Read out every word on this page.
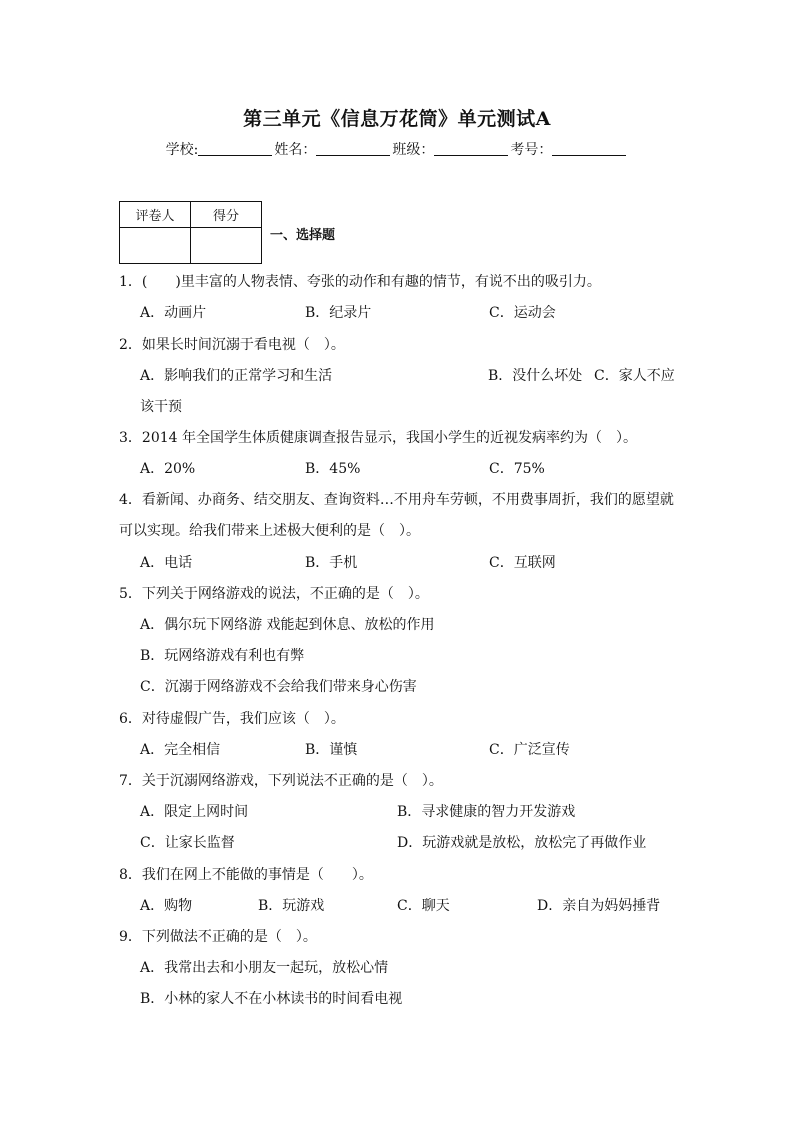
第三单元《信息万花筒》单元测试A
学校:	姓名：	班级：	考号：
评卷人	得分

一、选择题
1．(　　)里丰富的人物表情、夸张的动作和有趣的情节，有说不出的吸引力。
A．动画片	B．纪录片	C．运动会
2．如果长时间沉溺于看电视（　）。
A．影响我们的正常学习和生活	B．没什么坏处 C．家人不应
该干预
3．2014 年全国学生体质健康调查报告显示，我国小学生的近视发病率约为（　）。
A．20%	B．45%	C．75%
4．看新闻、办商务、结交朋友、查询资料…不用舟车劳顿，不用费事周折，我们的愿望就
可以实现。给我们带来上述极大便利的是（　）。
A．电话	B．手机	C．互联网
5．下列关于网络游戏的说法，不正确的是（　）。
A．偶尔玩下网络游 戏能起到休息、放松的作用
B．玩网络游戏有利也有弊
C．沉溺于网络游戏不会给我们带来身心伤害
6．对待虚假广告，我们应该（　）。
A．完全相信	B．谨慎	C．广泛宣传
7．关于沉溺网络游戏，下列说法不正确的是（　）。
A．限定上网时间	B．寻求健康的智力开发游戏
C．让家长监督	D．玩游戏就是放松，放松完了再做作业
8．我们在网上不能做的事情是（　　）。
A．购物	B．玩游戏	C．聊天	D．亲自为妈妈捶背
9．下列做法不正确的是（　）。
A．我常出去和小朋友一起玩，放松心情
B．小林的家人不在小林读书的时间看电视
